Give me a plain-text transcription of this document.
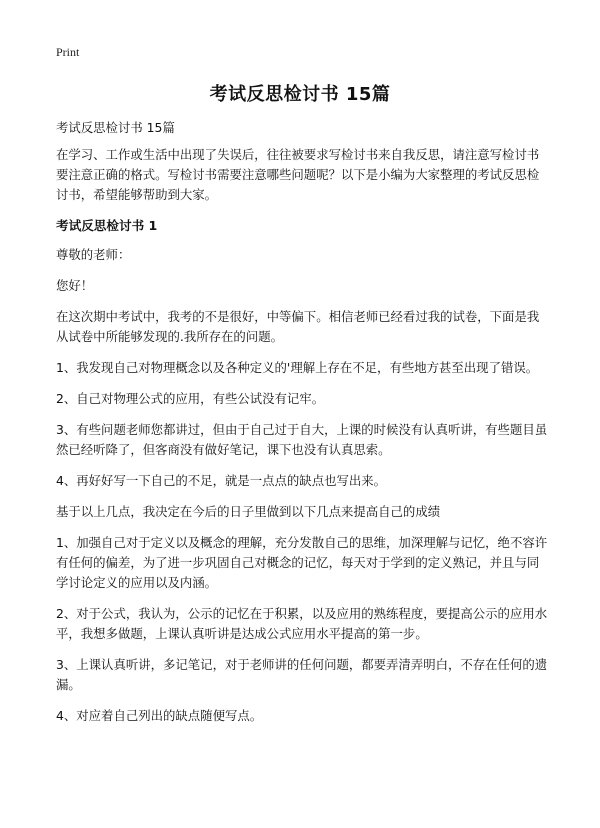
Print
考试反思检讨书 15篇

考试反思检讨书 15篇

在学习、工作或生活中出现了失误后，往往被要求写检讨书来自我反思，请注意写检讨书要注意正确的格式。写检讨书需要注意哪些问题呢？以下是小编为大家整理的考试反思检讨书，希望能够帮助到大家。

考试反思检讨书 1

尊敬的老师：

您好！

在这次期中考试中，我考的不是很好，中等偏下。相信老师已经看过我的试卷，下面是我从试卷中所能够发现的.我所存在的问题。

1、我发现自己对物理概念以及各种定义的'理解上存在不足，有些地方甚至出现了错误。

2、自己对物理公式的应用，有些公试没有记牢。

3、有些问题老师您都讲过，但由于自己过于自大，上课的时候没有认真听讲，有些题目虽然已经听降了，但客商没有做好笔记，课下也没有认真思索。

4、再好好写一下自己的不足，就是一点点的缺点也写出来。

基于以上几点，我决定在今后的日子里做到以下几点来提高自己的成绩

1、加强自己对于定义以及概念的理解，充分发散自己的思维，加深理解与记忆，绝不容许有任何的偏差，为了进一步巩固自己对概念的记忆，每天对于学到的定义熟记，并且与同学讨论定义的应用以及内涵。

2、对于公式，我认为，公示的记忆在于积累，以及应用的熟练程度，要提高公示的应用水平，我想多做题，上课认真听讲是达成公式应用水平提高的第一步。

3、上课认真听讲，多记笔记，对于老师讲的任何问题，都要弄清弄明白，不存在任何的遗漏。

4、对应着自己列出的缺点随便写点。
